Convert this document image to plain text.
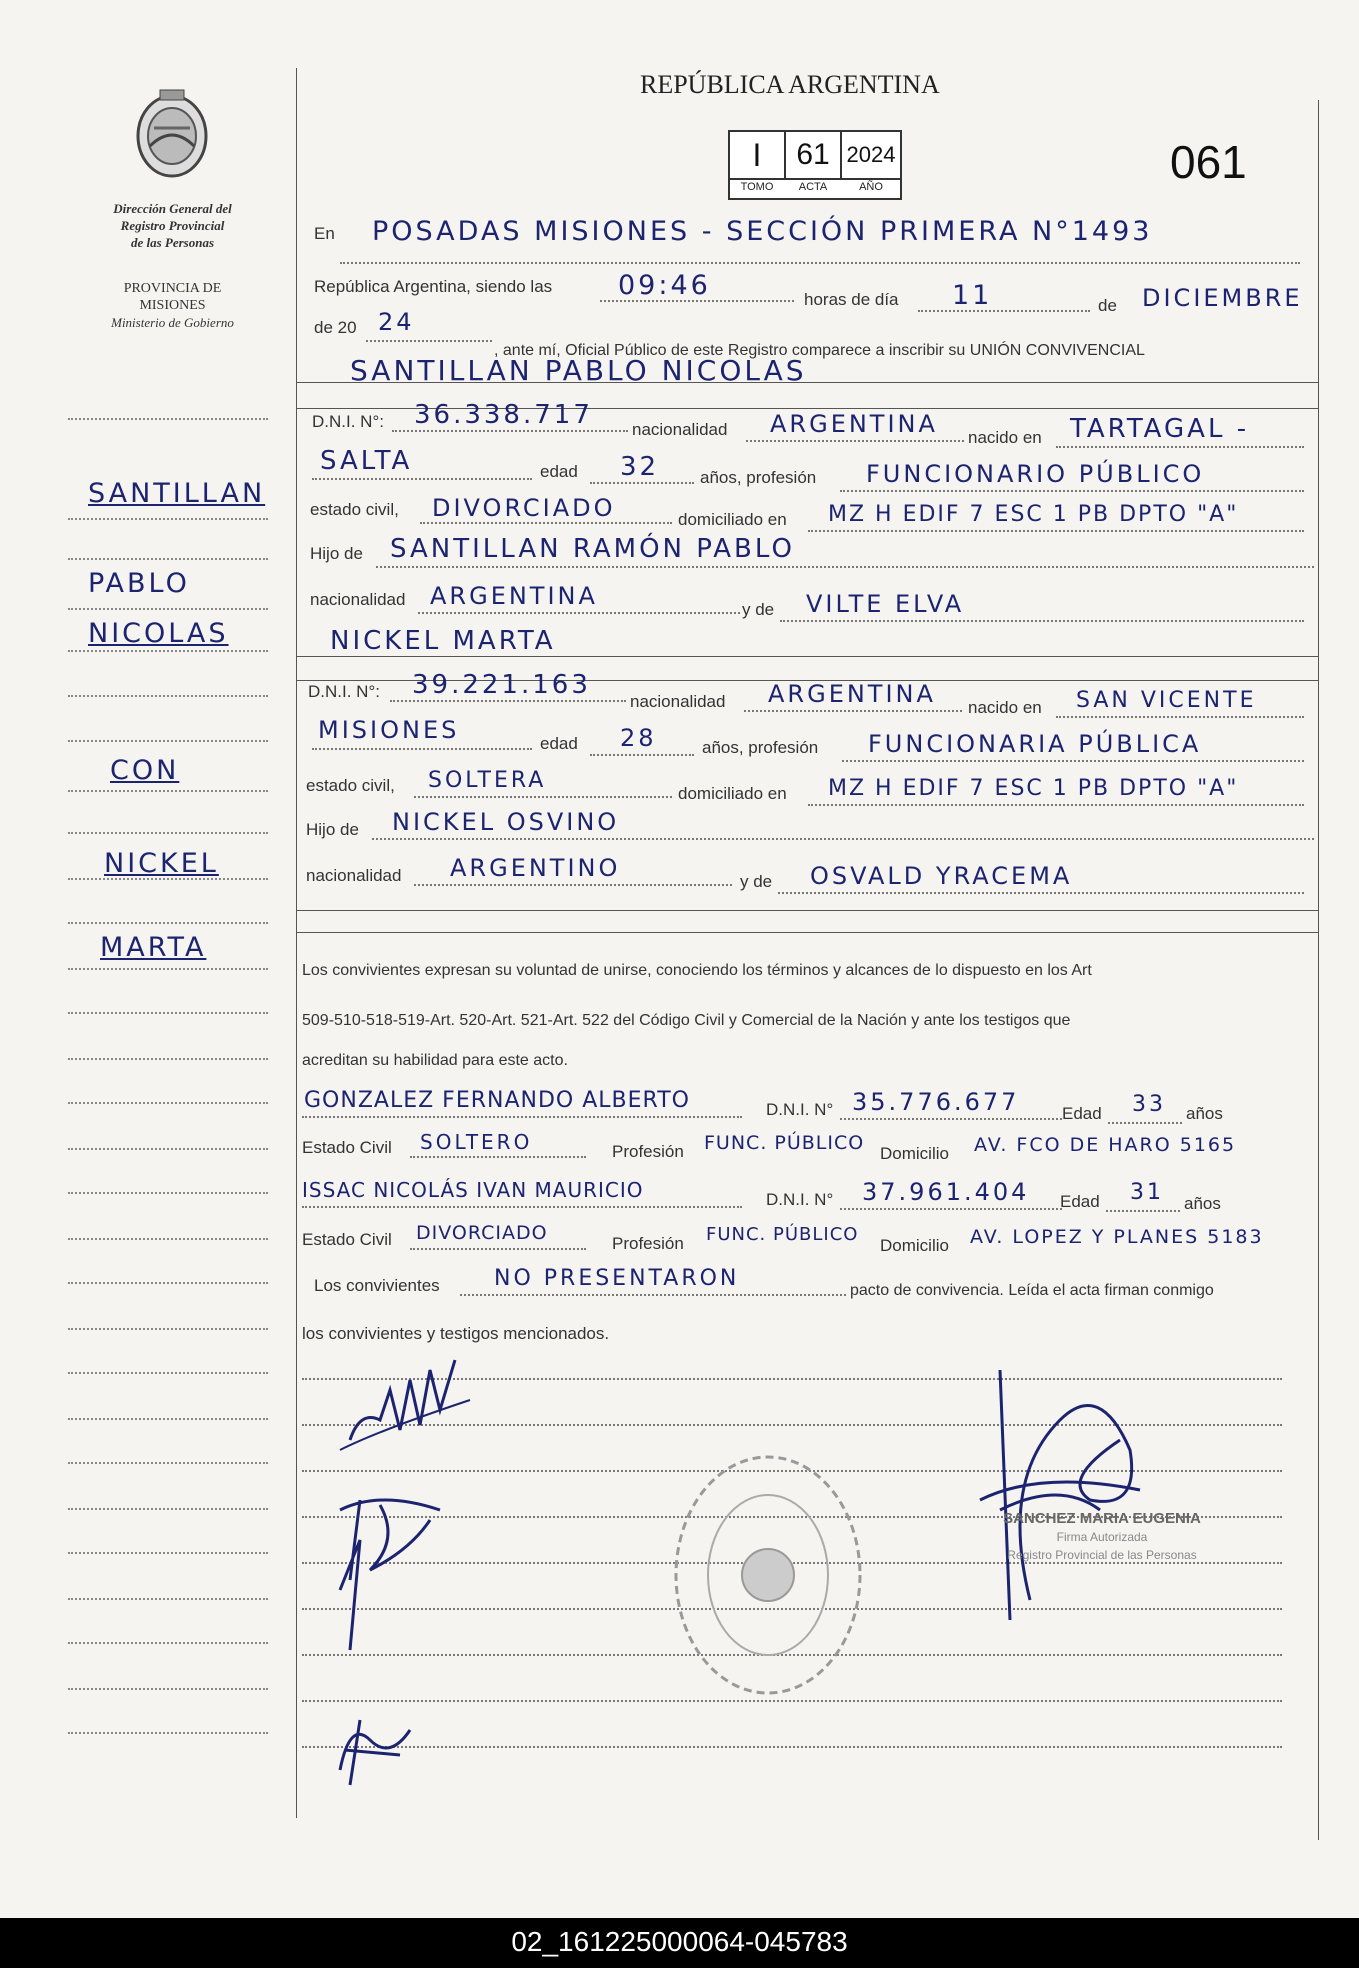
Dirección General del
Registro Provincial
de las Personas
PROVINCIA DE
MISIONES
Ministerio de Gobierno
SANTILLAN
PABLO
NICOLAS
CON
NICKEL
MARTA
REPÚBLICA ARGENTINA
I	61 2024
TOMO	ACTA	AÑO	061
En POSADAS MISIONES - SECCIÓN PRIMERA N°1493
República Argentina, siendo las 09:46	horas de día 11	de DICIEMBRE
de 20 24
, ante mí, Oficial Público de este Registro comparece a inscribir su UNIÓN CONVIVENCIAL
SANTILLAN PABLO NICOLAS
D.N.I. N°: 36.338.717 nacionalidad ARGENTINA nacido en TARTAGAL -
SALTA	edad 32 años, profesión FUNCIONARIO PÚBLICO
estado civil, DIVORCIADO	domiciliado en MZ H EDIF 7 ESC 1 PB DPTO "A"
Hijo de SANTILLAN RAMÓN PABLO
nacionalidad ARGENTINA	y de VILTE ELVA
NICKEL MARTA
D.N.I. N°: 39.221.163
nacionalidad ARGENTINA nacido en SAN VICENTE
MISIONES	edad 28	años, profesión FUNCIONARIA PÚBLICA
estado civil, SOLTERA
domiciliado en MZ H EDIF 7 ESC 1 PB DPTO "A"
Hijo de NICKEL OSVINO
nacionalidad ARGENTINO	y de OSVALD YRACEMA
Los convivientes expresan su voluntad de unirse, conociendo los términos y alcances de lo dispuesto en los Art
509-510-518-519-Art. 520-Art. 521-Art. 522 del Código Civil y Comercial de la Nación y ante los testigos que
acreditan su habilidad para este acto.
GONZALEZ FERNANDO ALBERTO	D.N.I. N° 35.776.677	Edad 33 años
Estado Civil SOLTERO	Profesión FUNC. PÚBLICO Domicilio AV. FCO DE HARO 5165
ISSAC NICOLÁS IVAN MAURICIO	D.N.I. N° 37.961.404 Edad 31 años
Estado Civil DIVORCIADO	Profesión FUNC. PÚBLICO
Domicilio AV. LOPEZ Y PLANES 5183
Los convivientes NO PRESENTARON	pacto de convivencia. Leída el acta firman conmigo
los convivientes y testigos mencionados.
SANCHEZ MARIA EUGENIA
Firma Autorizada
Registro Provincial de las Personas
02_161225000064-045783
